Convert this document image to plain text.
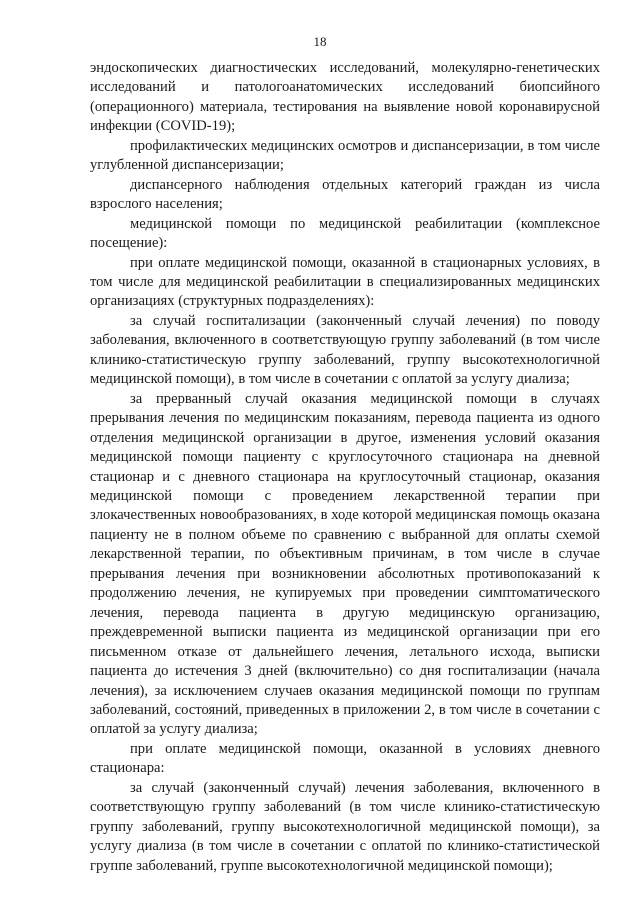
18

эндоскопических диагностических исследований, молекулярно-генетических исследований и патологоанатомических исследований биопсийного (операционного) материала, тестирования на выявление новой коронавирусной инфекции (COVID-19);

профилактических медицинских осмотров и диспансеризации, в том числе углубленной диспансеризации;

диспансерного наблюдения отдельных категорий граждан из числа взрослого населения;

медицинской помощи по медицинской реабилитации (комплексное посещение):

при оплате медицинской помощи, оказанной в стационарных условиях, в том числе для медицинской реабилитации в специализированных медицинских организациях (структурных подразделениях):

за случай госпитализации (законченный случай лечения) по поводу заболевания, включенного в соответствующую группу заболеваний (в том числе клинико-статистическую группу заболеваний, группу высокотехнологичной медицинской помощи), в том числе в сочетании с оплатой за услугу диализа;

за прерванный случай оказания медицинской помощи в случаях прерывания лечения по медицинским показаниям, перевода пациента из одного отделения медицинской организации в другое, изменения условий оказания медицинской помощи пациенту с круглосуточного стационара на дневной стационар и с дневного стационара на круглосуточный стационар, оказания медицинской помощи с проведением лекарственной терапии при злокачественных новообразованиях, в ходе которой медицинская помощь оказана пациенту не в полном объеме по сравнению с выбранной для оплаты схемой лекарственной терапии, по объективным причинам, в том числе в случае прерывания лечения при возникновении абсолютных противопоказаний к продолжению лечения, не купируемых при проведении симптоматического лечения, перевода пациента в другую медицинскую организацию, преждевременной выписки пациента из медицинской организации при его письменном отказе от дальнейшего лечения, летального исхода, выписки пациента до истечения 3 дней (включительно) со дня госпитализации (начала лечения), за исключением случаев оказания медицинской помощи по группам заболеваний, состояний, приведенных в приложении 2, в том числе в сочетании с оплатой за услугу диализа;

при оплате медицинской помощи, оказанной в условиях дневного стационара:

за случай (законченный случай) лечения заболевания, включенного в соответствующую группу заболеваний (в том числе клинико-статистическую группу заболеваний, группу высокотехнологичной медицинской помощи), за услугу диализа (в том числе в сочетании с оплатой по клинико-статистической группе заболеваний, группе высокотехнологичной медицинской помощи);
